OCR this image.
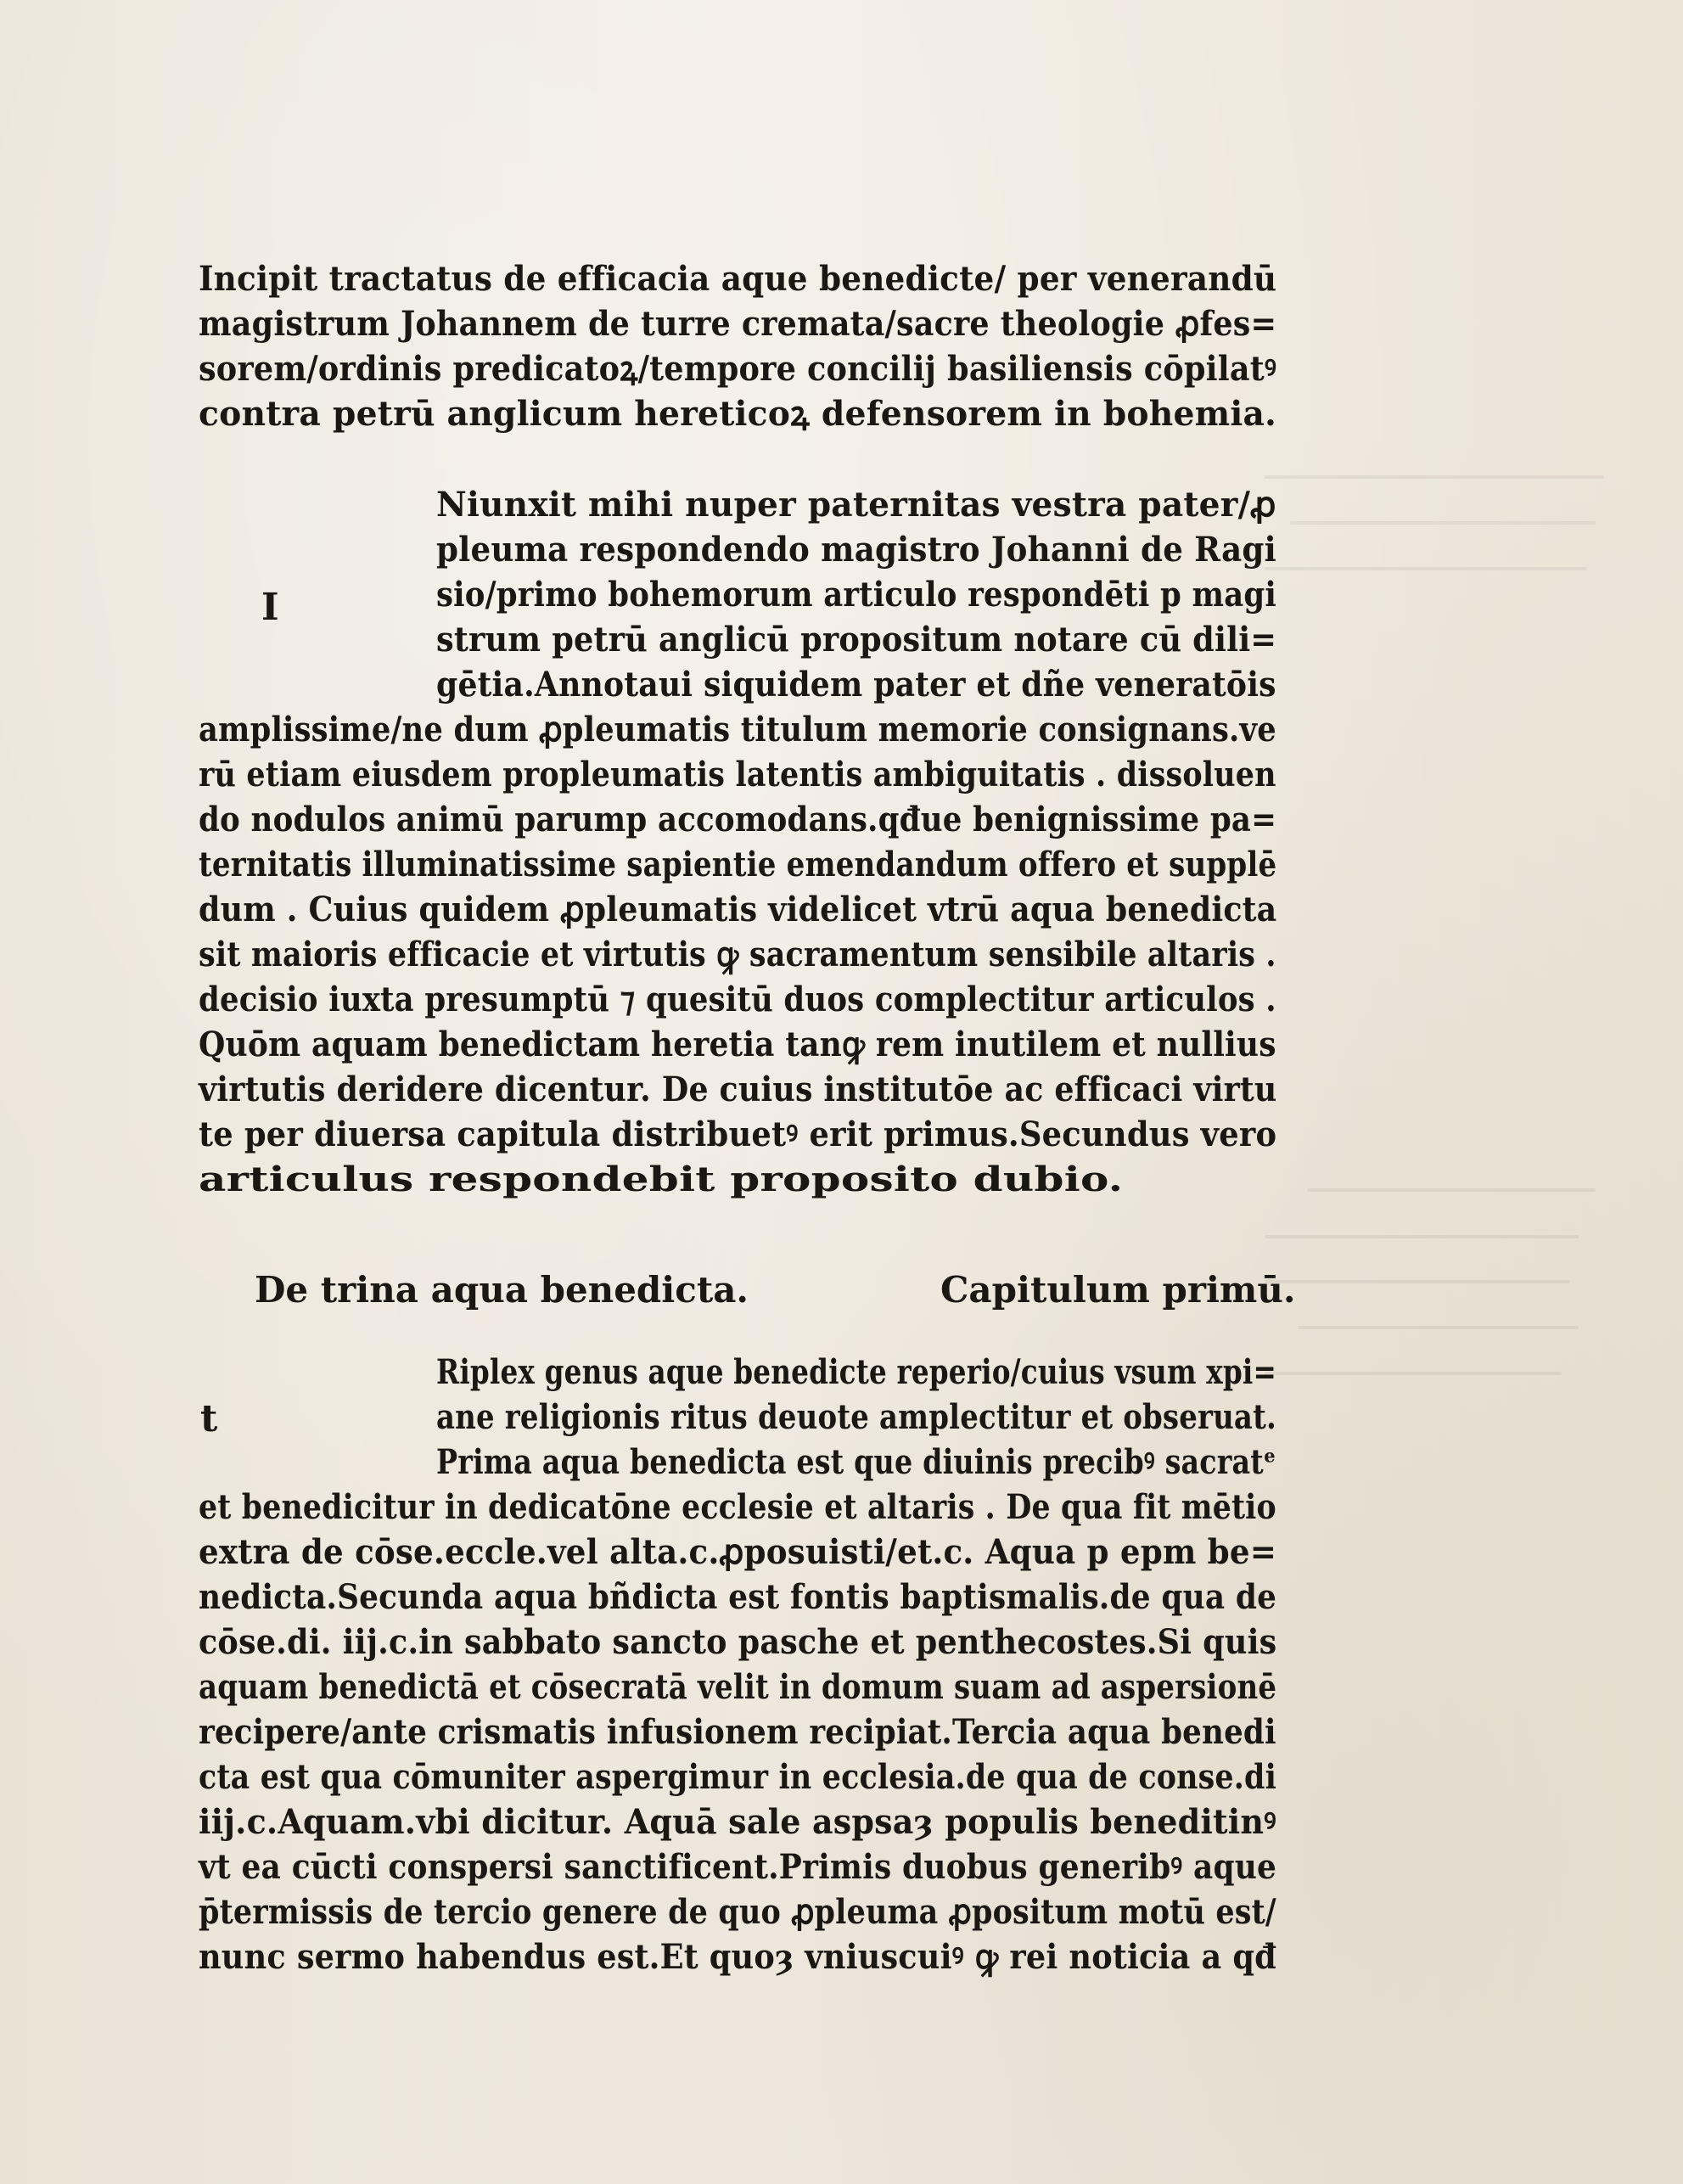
Incipit tractatus de efficacia aque benedicte/ per venerandū
magistrum Johannem de turre cremata/sacre theologie ꝓfes=
sorem/ordinis predicatoꝝ/tempore concilij basiliensis cōpilatꝰ
contra petrū anglicum hereticoꝝ defensorem in bohemia.
I
Niunxit mihi nuper paternitas vestra pater/ꝓ
pleuma respondendo magistro Johanni de Ragi
sio/primo bohemorum articulo respondēti p magi
strum petrū anglicū propositum notare cū dili=
gētia.Annotaui siquidem pater et dñe veneratōis
amplissime/ne dum ꝓpleumatis titulum memorie consignans.ve
rū etiam eiusdem propleumatis latentis ambiguitatis . dissoluen
do nodulos animū parump accomodans.qđue benignissime pa=
ternitatis illuminatissime sapientie emendandum offero et supplē
dum . Cuius quidem ꝓpleumatis videlicet vtrū aqua benedicta
sit maioris efficacie et virtutis ꝙ sacramentum sensibile altaris .
decisio iuxta presumptū ⁊ quesitū duos complectitur articulos .
Quōm aquam benedictam heretia tanꝙ rem inutilem et nullius
virtutis deridere dicentur. De cuius institutōe ac efficaci virtu
te per diuersa capitula distribuetꝰ erit primus.Secundus vero
articulus respondebit proposito dubio.
De trina aqua benedicta.	Capitulum primū.
t
Riplex genus aque benedicte reperio/cuius vsum xpi=
ane religionis ritus deuote amplectitur et obseruat.
Prima aqua benedicta est que diuinis precibꝰ sacratᵉ
et benedicitur in dedicatōne ecclesie et altaris . De qua fit mētio
extra de cōse.eccle.vel alta.c.ꝓposuisti/et.c. Aqua p epm be=
nedicta.Secunda aqua bñdicta est fontis baptismalis.de qua de
cōse.di. iij.c.in sabbato sancto pasche et penthecostes.Si quis
aquam benedictā et cōsecratā velit in domum suam ad aspersionē
recipere/ante crismatis infusionem recipiat.Tercia aqua benedi
cta est qua cōmuniter aspergimur in ecclesia.de qua de conse.di
iij.c.Aquam.vbi dicitur. Aquā sale aspsaȝ populis beneditinꝰ
vt ea cūcti conspersi sanctificent.Primis duobus generibꝰ aque
p̄termissis de tercio genere de quo ꝓpleuma ꝓpositum motū est/
nunc sermo habendus est.Et quoȝ vniuscuiꝰ ꝙ rei noticia a qđ
